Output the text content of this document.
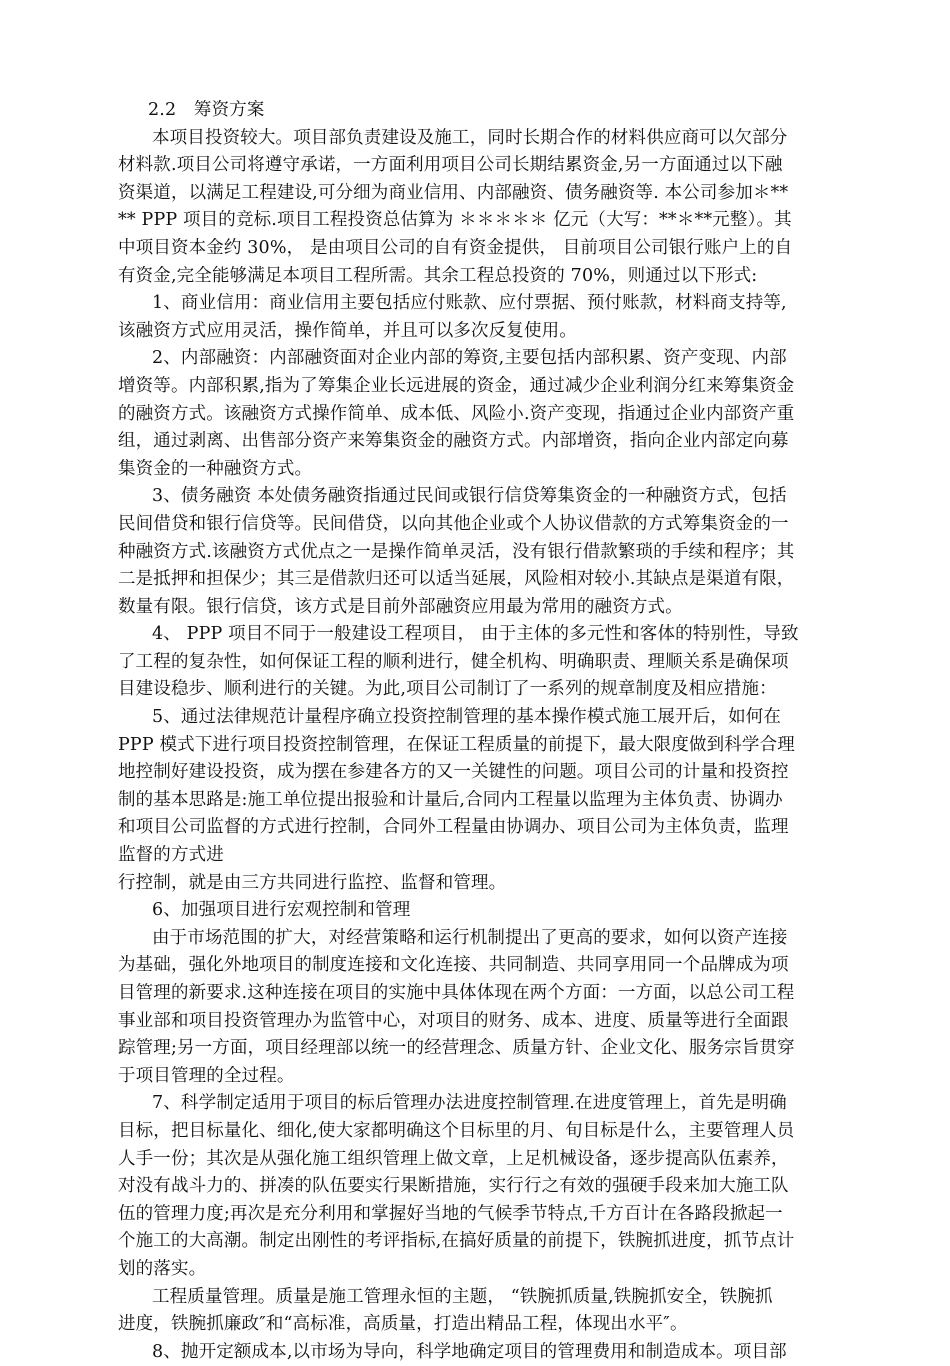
2.2　筹资方案
本项目投资较大。项目部负责建设及施工，同时长期合作的材料供应商可以欠部分
材料款.项目公司将遵守承诺，一方面利用项目公司长期结累资金,另一方面通过以下融
资渠道，以满足工程建设,可分细为商业信用、内部融资、债务融资等. 本公司参加＊**
** PPP 项目的竞标.项目工程投资总估算为 ＊＊＊＊＊ 亿元（大写：**＊**元整）。其
中项目资本金约 30%， 是由项目公司的自有资金提供， 目前项目公司银行账户上的自
有资金,完全能够满足本项目工程所需。其余工程总投资的 70%，则通过以下形式:
1、商业信用：商业信用主要包括应付账款、应付票据、预付账款，材料商支持等,
该融资方式应用灵活，操作简单，并且可以多次反复使用。
2、内部融资：内部融资面对企业内部的筹资,主要包括内部积累、资产变现、内部
增资等。内部积累,指为了筹集企业长远进展的资金，通过减少企业利润分红来筹集资金
的融资方式。该融资方式操作简单、成本低、风险小.资产变现，指通过企业内部资产重
组，通过剥离、出售部分资产来筹集资金的融资方式。内部增资，指向企业内部定向募
集资金的一种融资方式。
3、债务融资 本处债务融资指通过民间或银行信贷筹集资金的一种融资方式，包括
民间借贷和银行信贷等。民间借贷，以向其他企业或个人协议借款的方式筹集资金的一
种融资方式.该融资方式优点之一是操作简单灵活，没有银行借款繁琐的手续和程序；其
二是抵押和担保少；其三是借款归还可以适当延展，风险相对较小.其缺点是渠道有限，
数量有限。银行信贷，该方式是目前外部融资应用最为常用的融资方式。
4、 PPP 项目不同于一般建设工程项目， 由于主体的多元性和客体的特别性，导致
了工程的复杂性，如何保证工程的顺利进行，健全机构、明确职责、理顺关系是确保项
目建设稳步、顺利进行的关键。为此,项目公司制订了一系列的规章制度及相应措施：
5、通过法律规范计量程序确立投资控制管理的基本操作模式施工展开后，如何在
PPP 模式下进行项目投资控制管理，在保证工程质量的前提下，最大限度做到科学合理
地控制好建设投资，成为摆在参建各方的又一关键性的问题。项目公司的计量和投资控
制的基本思路是:施工单位提出报验和计量后,合同内工程量以监理为主体负责、协调办
和项目公司监督的方式进行控制，合同外工程量由协调办、项目公司为主体负责，监理
监督的方式进
行控制，就是由三方共同进行监控、监督和管理。
6、加强项目进行宏观控制和管理
由于市场范围的扩大，对经营策略和运行机制提出了更高的要求，如何以资产连接
为基础，强化外地项目的制度连接和文化连接、共同制造、共同享用同一个品牌成为项
目管理的新要求.这种连接在项目的实施中具体体现在两个方面：一方面，以总公司工程
事业部和项目投资管理办为监管中心，对项目的财务、成本、进度、质量等进行全面跟
踪管理;另一方面，项目经理部以统一的经营理念、质量方针、企业文化、服务宗旨贯穿
于项目管理的全过程。
7、科学制定适用于项目的标后管理办法进度控制管理.在进度管理上，首先是明确
目标，把目标量化、细化,使大家都明确这个目标里的月、旬目标是什么，主要管理人员
人手一份；其次是从强化施工组织管理上做文章，上足机械设备，逐步提高队伍素养，
对没有战斗力的、拼凑的队伍要实行果断措施，实行行之有效的强硬手段来加大施工队
伍的管理力度;再次是充分利用和掌握好当地的气候季节特点,千方百计在各路段掀起一
个施工的大高潮。制定出刚性的考评指标,在搞好质量的前提下，铁腕抓进度，抓节点计
划的落实。
工程质量管理。质量是施工管理永恒的主题， “铁腕抓质量,铁腕抓安全，铁腕抓
进度，铁腕抓廉政″和“高标准，高质量，打造出精品工程，体现出水平″。
8、抛开定额成本,以市场为导向，科学地确定项目的管理费用和制造成本。项目部
